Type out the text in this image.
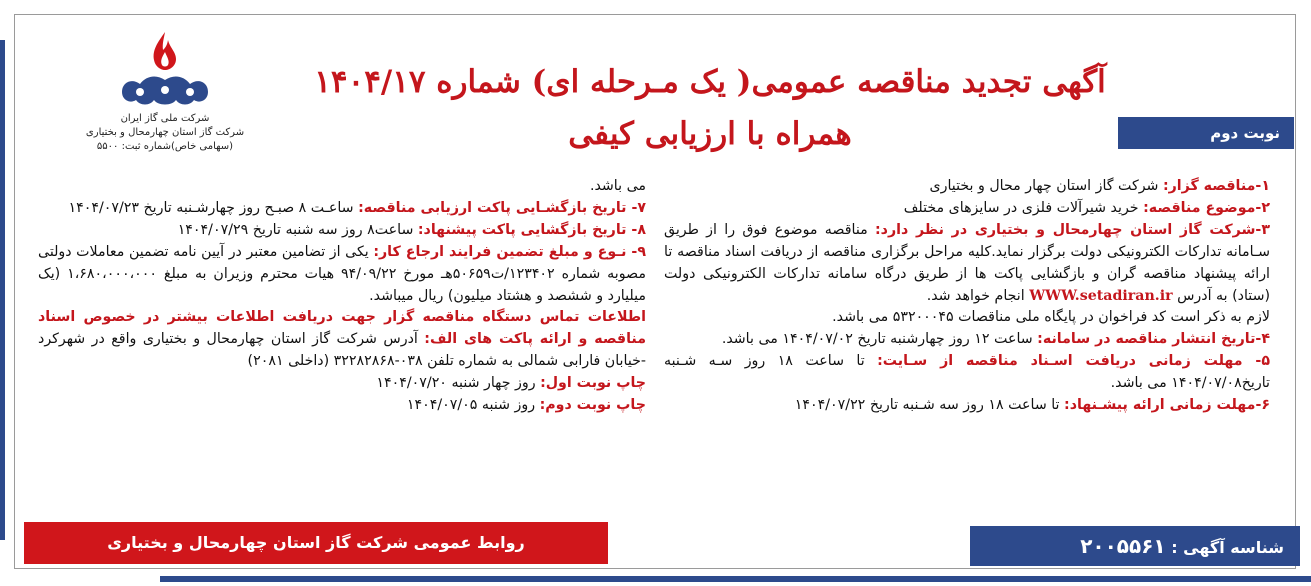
شرکت ملی گاز ایران
شرکت گاز استان چهارمحال و بختیاری
(سهامی خاص)شماره ثبت: ۵۵۰۰
آگهی تجدید مناقصه عمومی( یک مـرحله ای) شماره ۱۴۰۴/۱۷
همراه با ارزیابی کیفی	نوبت دوم

۱-مناقصه گزار: شرکت گاز استان چهار محال و بختیاری

۲-موضوع مناقصه: خرید شیرآلات فلزی در سایزهای مختلف

۳-شرکت گاز استان چهارمحال و بختیاری در نظر دارد: مناقصه موضوع فوق را از طریق سـامانه تدارکات الکترونیکی دولت برگزار نماید.کلیه مراحل برگزاری مناقصه از دریافت اسناد مناقصه تا ارائه پیشنهاد مناقصه گران و بازگشایی پاکت ها از طریق درگاه سامانه تدارکات الکترونیکی دولت (ستاد) به آدرس WWW.setadiran.ir انجام خواهد شد.

لازم به ذکر است کد فراخوان در پایگاه ملی مناقصات ۵۳۲۰۰۰۴۵ می باشد.

۴-تاریخ انتشار مناقصه در سامانه: ساعت ۱۲ روز چهارشنبه تاریخ ۱۴۰۴/۰۷/۰۲ می باشد.

۵- مهلت زمانی دریافت اسـناد مناقصه از سـایت: تا ساعت ۱۸ روز سـه شـنبه تاریخ۱۴۰۴/۰۷/۰۸ می باشد.

۶-مهلت زمانی ارائه پیشـنهاد: تا ساعت ۱۸ روز سه شـنبه تاریخ ۱۴۰۴/۰۷/۲۲

می باشد.

۷- تاریخ بازگشـایی پاکت ارزیابی مناقصه: ساعـت ۸ صبـح روز چهارشـنبه تاریخ ۱۴۰۴/۰۷/۲۳

۸- تاریخ بازگشایی پاکت پیشنهاد: ساعت۸ روز سه شنبه تاریخ ۱۴۰۴/۰۷/۲۹

۹- نـوع و مبلغ تضمین فرایند ارجاع کار: یکی از تضامین معتبر در آیین نامه تضمین معاملات دولتی مصوبه شماره ۱۲۳۴۰۲/ت۵۰۶۵۹هـ مورخ ۹۴/۰۹/۲۲ هیات محترم وزیران به مبلغ ۱،۶۸۰،۰۰۰،۰۰۰ (یک میلیارد و ششصد و هشتاد میلیون) ریال میباشد.

اطلاعات تماس دستگاه مناقصه گزار جهت دریافت اطلاعات بیشتر در خصوص اسناد مناقصه و ارائه پاکت های الف: آدرس شرکت گاز استان چهارمحال و بختیاری واقع در شهرکرد -خیابان فارابی شمالی به شماره تلفن ۰۳۸-۳۲۲۸۲۸۶۸ (داخلی ۲۰۸۱)

چاپ نوبت اول: روز چهار شنبه ۱۴۰۴/۰۷/۲۰

چاپ نوبت دوم: روز شنبه ۱۴۰۴/۰۷/۰۵

روابط عمومی شرکت گاز استان چهارمحال و بختیاری	شناسه آگهی : ۲۰۰۵۵۶۱
